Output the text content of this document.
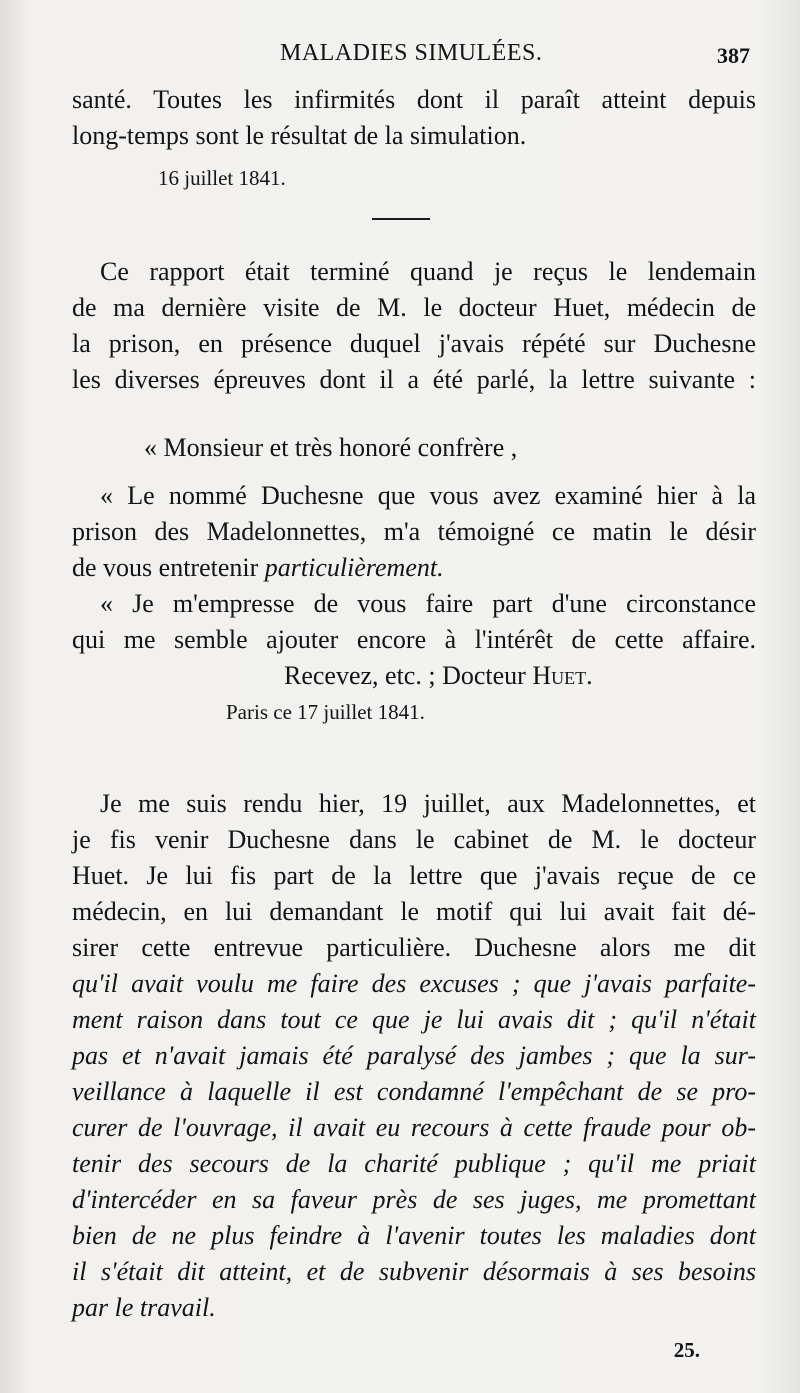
MALADIES SIMULÉES.	387
santé. Toutes les infirmités dont il paraît atteint depuis
long-temps sont le résultat de la simulation.
16 juillet 1841.
Ce rapport était terminé quand je reçus le lendemain
de ma dernière visite de M. le docteur Huet, médecin de
la prison, en présence duquel j'avais répété sur Duchesne
les diverses épreuves dont il a été parlé, la lettre suivante :
« Monsieur et très honoré confrère ,
« Le nommé Duchesne que vous avez examiné hier à la
prison des Madelonnettes, m'a témoigné ce matin le désir
de vous entretenir particulièrement.
« Je m'empresse de vous faire part d'une circonstance
qui me semble ajouter encore à l'intérêt de cette affaire.
Recevez, etc. ; Docteur Huet.
Paris ce 17 juillet 1841.
Je me suis rendu hier, 19 juillet, aux Madelonnettes, et
je fis venir Duchesne dans le cabinet de M. le docteur
Huet. Je lui fis part de la lettre que j'avais reçue de ce
médecin, en lui demandant le motif qui lui avait fait dé-
sirer cette entrevue particulière. Duchesne alors me dit
qu'il avait voulu me faire des excuses ; que j'avais parfaite-
ment raison dans tout ce que je lui avais dit ; qu'il n'était
pas et n'avait jamais été paralysé des jambes ; que la sur-
veillance à laquelle il est condamné l'empêchant de se pro-
curer de l'ouvrage, il avait eu recours à cette fraude pour ob-
tenir des secours de la charité publique ; qu'il me priait
d'intercéder en sa faveur près de ses juges, me promettant
bien de ne plus feindre à l'avenir toutes les maladies dont
il s'était dit atteint, et de subvenir désormais à ses besoins
par le travail.
25.
